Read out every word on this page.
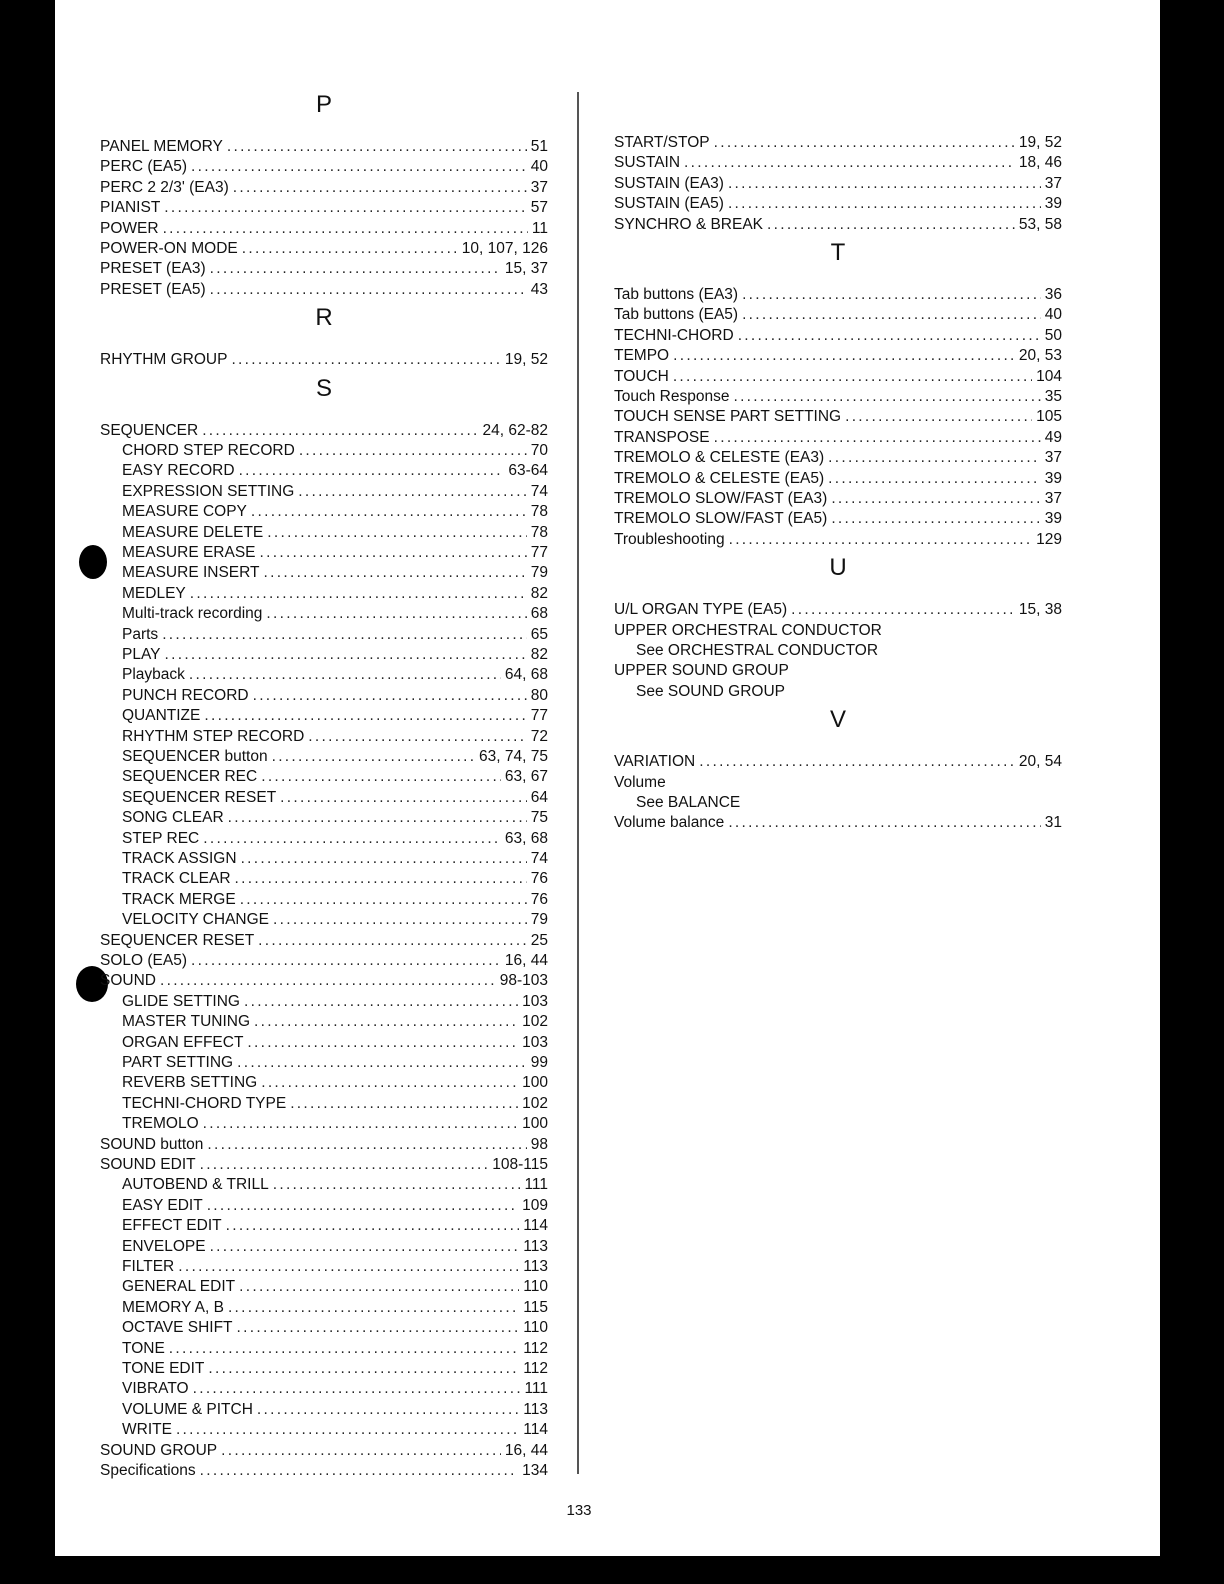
P
PANEL MEMORY .....	51
PERC (EA5) .....	40
PERC 2 2/3' (EA3) .....	37
PIANIST .....	57
POWER .....	11
POWER-ON MODE .....	10, 107, 126
PRESET (EA3) .....	15, 37
PRESET (EA5) .....	43
R
RHYTHM GROUP .....	19, 52
S
SEQUENCER .....	24, 62-82
CHORD STEP RECORD .....	70
EASY RECORD .....	63-64
EXPRESSION SETTING .....	74
MEASURE COPY .....	78
MEASURE DELETE .....	78
MEASURE ERASE .....	77
MEASURE INSERT .....	79
MEDLEY .....	82
Multi-track recording .....	68
Parts .....	65
PLAY .....	82
Playback .....	64, 68
PUNCH RECORD .....	80
QUANTIZE .....	77
RHYTHM STEP RECORD .....	72
SEQUENCER button .....	63, 74, 75
SEQUENCER REC .....	63, 67
SEQUENCER RESET .....	64
SONG CLEAR .....	75
STEP REC .....	63, 68
TRACK ASSIGN .....	74
TRACK CLEAR .....	76
TRACK MERGE .....	76
VELOCITY CHANGE .....	79
SEQUENCER RESET .....	25
SOLO (EA5) .....	16, 44
SOUND .....	98-103
GLIDE SETTING .....	103
MASTER TUNING .....	102
ORGAN EFFECT .....	103
PART SETTING .....	99
REVERB SETTING .....	100
TECHNI-CHORD TYPE .....	102
TREMOLO .....	100
SOUND button .....	98
SOUND EDIT .....	108-115
AUTOBEND & TRILL .....	111
EASY EDIT .....	109
EFFECT EDIT .....	114
ENVELOPE .....	113
FILTER .....	113
GENERAL EDIT .....	110
MEMORY A, B .....	115
OCTAVE SHIFT .....	110
TONE .....	112
TONE EDIT .....	112
VIBRATO .....	111
VOLUME & PITCH .....	113
WRITE .....	114
SOUND GROUP .....	16, 44
Specifications .....	134
START/STOP .....	19, 52
SUSTAIN .....	18, 46
SUSTAIN (EA3) .....	37
SUSTAIN (EA5) .....	39
SYNCHRO & BREAK .....	53, 58
T
Tab buttons (EA3) .....	36
Tab buttons (EA5) .....	40
TECHNI-CHORD .....	50
TEMPO .....	20, 53
TOUCH .....	104
Touch Response .....	35
TOUCH SENSE PART SETTING .....	105
TRANSPOSE .....	49
TREMOLO & CELESTE (EA3) .....	37
TREMOLO & CELESTE (EA5) .....	39
TREMOLO SLOW/FAST (EA3) .....	37
TREMOLO SLOW/FAST (EA5) .....	39
Troubleshooting .....	129
U
U/L ORGAN TYPE (EA5) .....	15, 38
UPPER ORCHESTRAL CONDUCTOR
See ORCHESTRAL CONDUCTOR
UPPER SOUND GROUP
See SOUND GROUP
V
VARIATION .....	20, 54
Volume
See BALANCE
Volume balance .....	31
133
